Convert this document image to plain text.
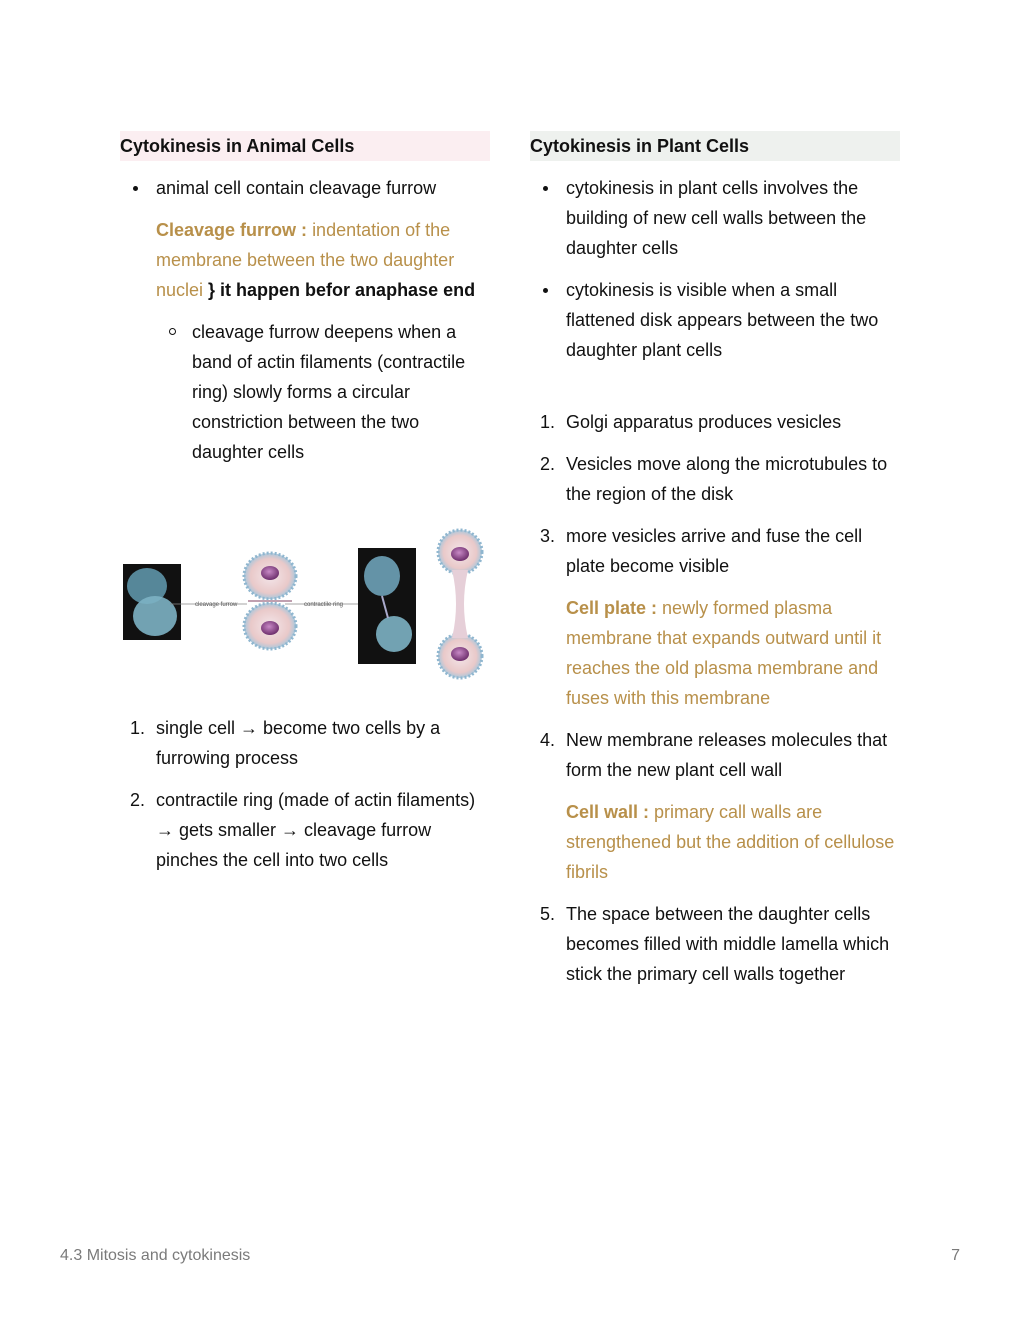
Cytokinesis in Animal Cells
animal cell contain cleavage furrow
Cleavage furrow : indentation of the membrane between the two daughter nuclei } it happen befor anaphase end
cleavage furrow deepens when a band of actin filaments (contractile ring) slowly forms a circular constriction between the two daughter cells
cleavage furrow	contractile ring
1. single cell → become two cells by a furrowing process
2. contractile ring (made of actin filaments) → gets smaller → cleavage furrow pinches the cell into two cells
Cytokinesis in Plant Cells
cytokinesis in plant cells involves the building of new cell walls between the daughter cells
cytokinesis is visible when a small flattened disk appears between the two daughter plant cells
1. Golgi apparatus produces vesicles
2. Vesicles move along the microtubules to the region of the disk
3. more vesicles arrive and fuse the cell plate become visible
Cell plate : newly formed plasma membrane that expands outward until it reaches the old plasma membrane and fuses with this membrane
4. New membrane releases molecules that form the new plant cell wall
Cell wall : primary call walls are strengthened but the addition of cellulose fibrils
5. The space between the daughter cells becomes filled with middle lamella which stick the primary cell walls together
4.3 Mitosis and cytokinesis	7
